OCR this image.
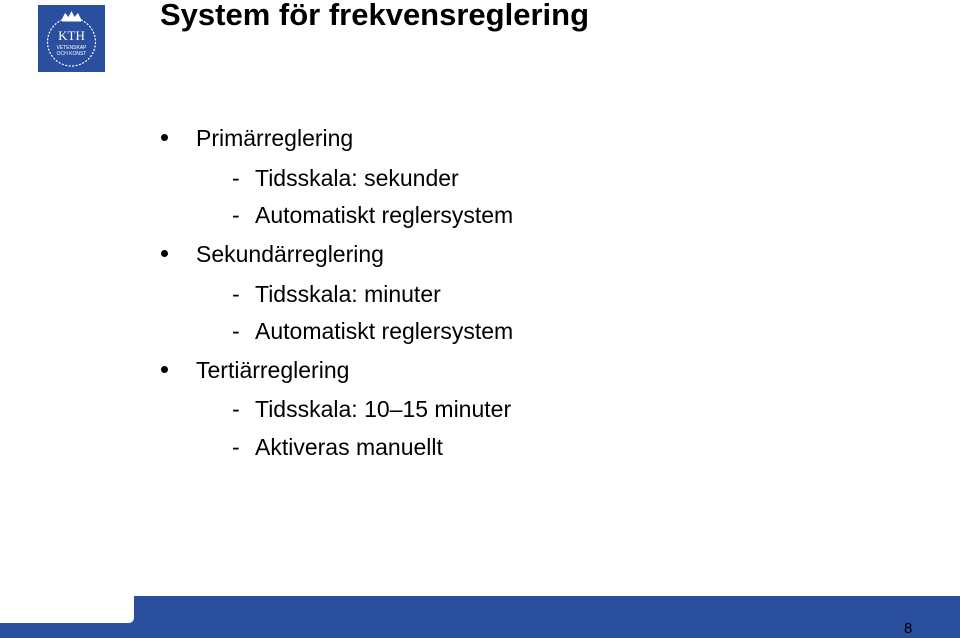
KTH
VETENSKAP
OCH KONST
System för frekvensreglering
Primärreglering
- Tidsskala: sekunder
- Automatiskt reglersystem
Sekundärreglering
- Tidsskala: minuter
- Automatiskt reglersystem
Tertiärreglering
- Tidsskala: 10–15 minuter
- Aktiveras manuellt
8
